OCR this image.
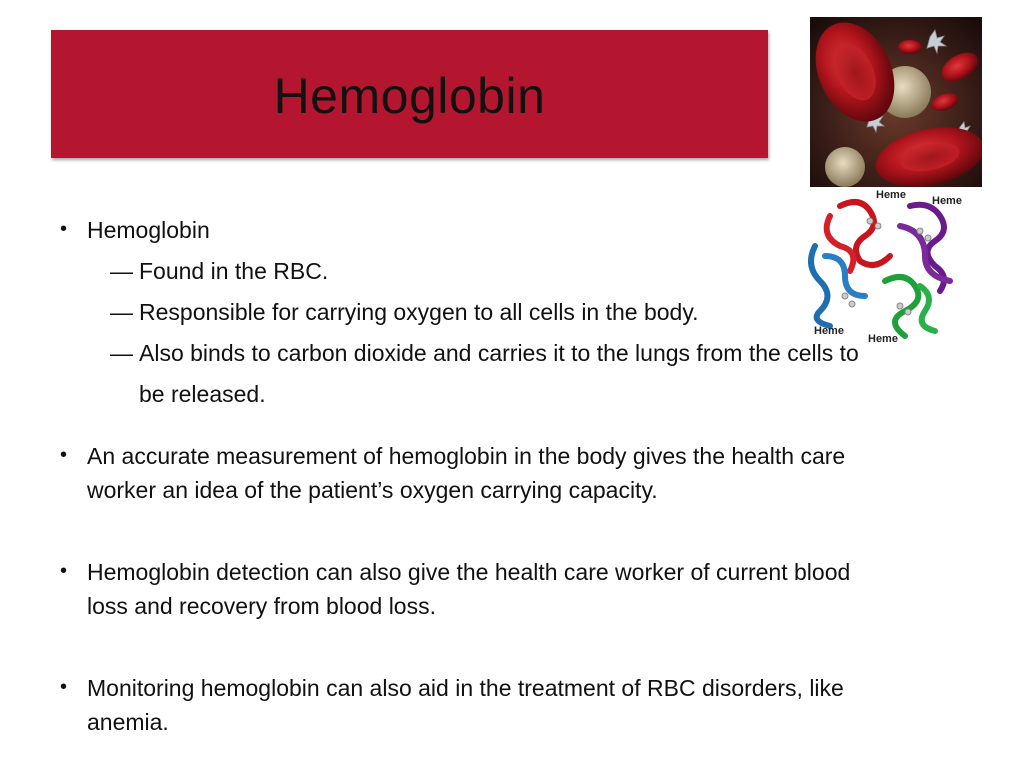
Hemoglobin
Heme Heme
Heme
Heme
• Hemoglobin
— Found in the RBC.
— Responsible for carrying oxygen to all cells in the body.
— Also binds to carbon dioxide and carries it to the lungs from the cells to
be released.
• An accurate measurement of hemoglobin in the body gives the health care
worker an idea of the patient’s oxygen carrying capacity.
• Hemoglobin detection can also give the health care worker of current blood
loss and recovery from blood loss.
• Monitoring hemoglobin can also aid in the treatment of RBC disorders, like
anemia.
